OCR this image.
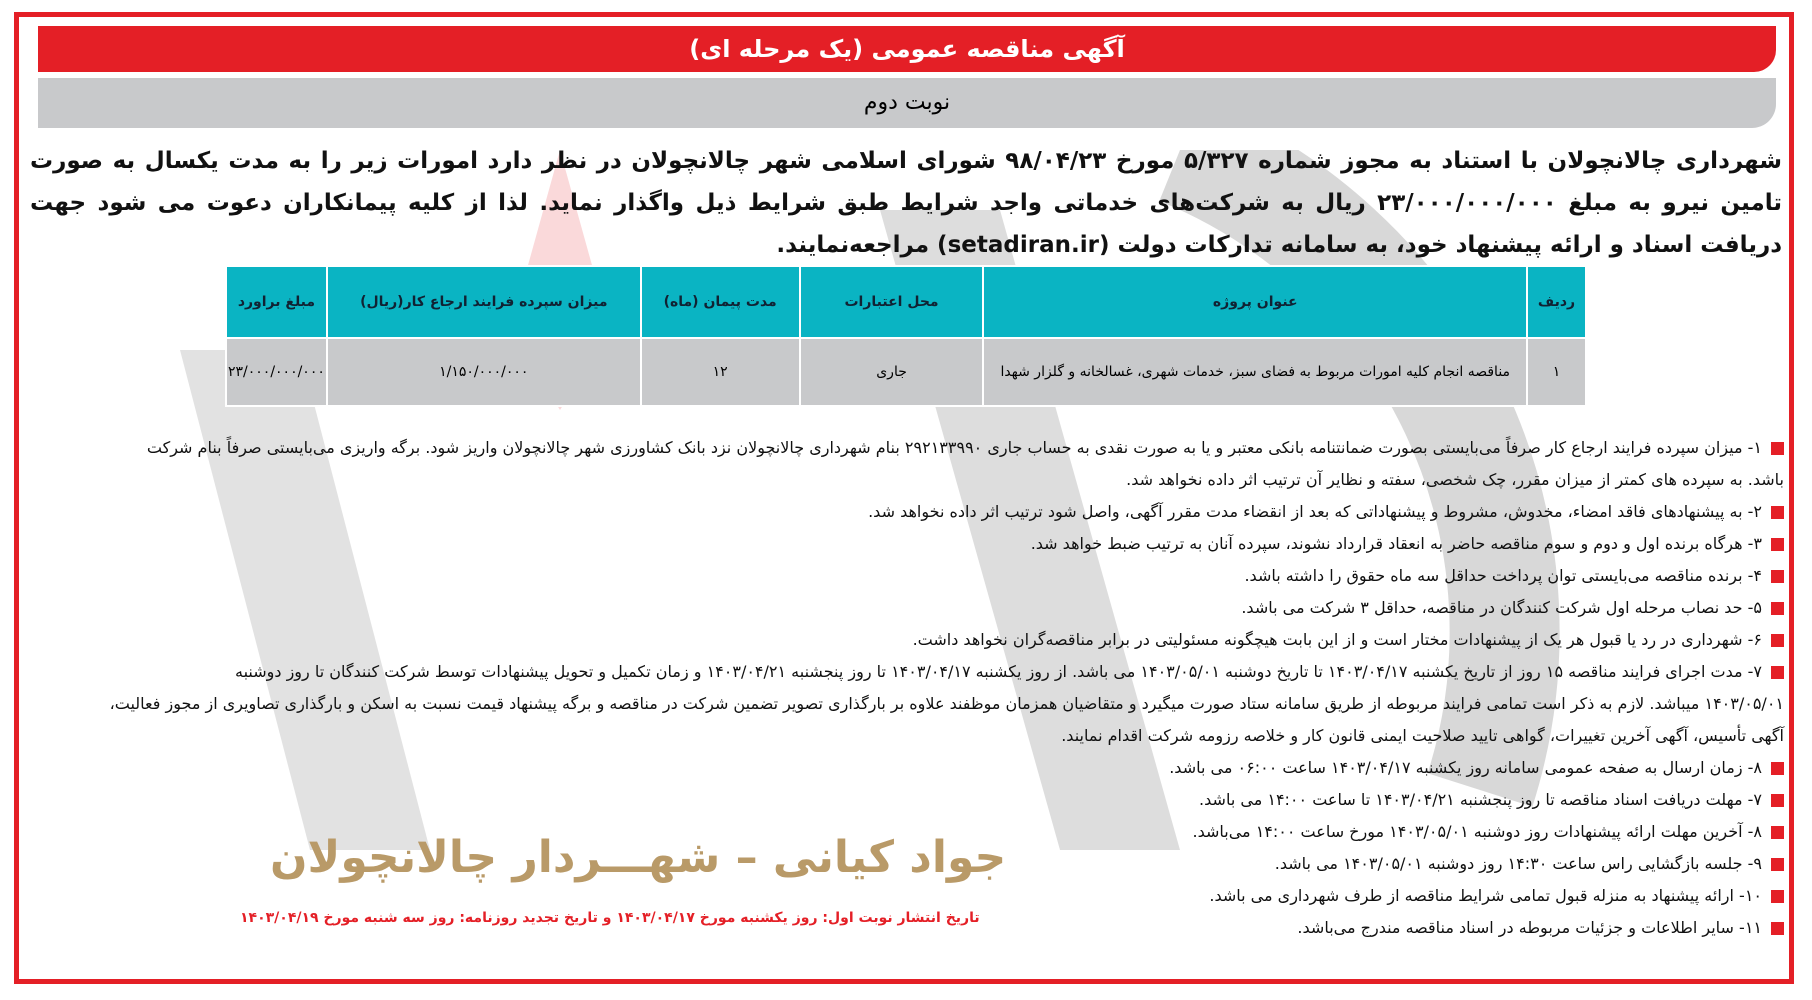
آگهی مناقصه عمومی (یک مرحله ای)
نوبت دوم
شهرداری چالانچولان با استناد به مجوز شماره ۵/۳۲۷ مورخ ۹۸/۰۴/۲۳ شورای اسلامی شهر چالانچولان در نظر دارد امورات زیر را به مدت یکسال به صورت تامین نیرو به مبلغ ۲۳/۰۰۰/۰۰۰/۰۰۰ ریال به شرکت‌های خدماتی واجد شرایط طبق شرایط ذیل واگذار نماید. لذا از کلیه پیمانکاران دعوت می شود جهت دریافت اسناد و ارائه پیشنهاد خود، به سامانه تدارکات دولت (setadiran.ir) مراجعه‌نمایند.
ردیف	عنوان پروژه	محل اعتبارات	مدت پیمان (ماه)	میزان سپرده فرایند ارجاع کار(ریال)	مبلغ براورد
۱	مناقصه انجام کلیه امورات مربوط به فضای سبز، خدمات شهری، غسالخانه و گلزار شهدا	جاری	۱۲	۱/۱۵۰/۰۰۰/۰۰۰	۲۳/۰۰۰/۰۰۰/۰۰۰
۱- میزان سپرده فرایند ارجاع کار صرفاً می‌بایستی بصورت ضمانتنامه بانکی معتبر و یا به صورت نقدی به حساب جاری ۲۹۲۱۳۳۹۹۰ بنام شهرداری چالانچولان نزد بانک کشاورزی شهر چالانچولان واریز شود. برگه واریزی می‌بایستی صرفاً بنام شرکت
باشد. به سپرده های کمتر از میزان مقرر، چک شخصی، سفته و نظایر آن ترتیب اثر داده نخواهد شد.
۲- به پیشنهادهای فاقد امضاء، مخدوش، مشروط و پیشنهاداتی که بعد از انقضاء مدت مقرر آگهی، واصل شود ترتیب اثر داده نخواهد شد.
۳- هرگاه برنده اول و دوم و سوم مناقصه حاضر به انعقاد قرارداد نشوند، سپرده آنان به ترتیب ضبط خواهد شد.
۴- برنده مناقصه می‌بایستی توان پرداخت حداقل سه ماه حقوق را داشته باشد.
۵- حد نصاب مرحله اول شرکت کنندگان در مناقصه، حداقل ۳ شرکت می باشد.
۶- شهرداری در رد یا قبول هر یک از پیشنهادات مختار است و از این بابت هیچگونه مسئولیتی در برابر مناقصه‌گران نخواهد داشت.
۷- مدت اجرای فرایند مناقصه ۱۵ روز از تاریخ یکشنبه ۱۴۰۳/۰۴/۱۷ تا تاریخ دوشنبه ۱۴۰۳/۰۵/۰۱ می باشد. از روز یکشنبه ۱۴۰۳/۰۴/۱۷ تا روز پنجشنبه ۱۴۰۳/۰۴/۲۱ و زمان تکمیل و تحویل پیشنهادات توسط شرکت کنندگان تا روز دوشنبه
۱۴۰۳/۰۵/۰۱ میباشد. لازم به ذکر است تمامی فرایند مربوطه از طریق سامانه ستاد صورت میگیرد و متقاضیان همزمان موظفند علاوه بر بارگذاری تصویر تضمین شرکت در مناقصه و برگه پیشنهاد قیمت نسبت به اسکن و بارگذاری تصاویری از مجوز فعالیت،
آگهی تأسیس، آگهی آخرین تغییرات، گواهی تایید صلاحیت ایمنی قانون کار و خلاصه رزومه شرکت اقدام نمایند.
۸- زمان ارسال به صفحه عمومی سامانه روز یکشنبه ۱۴۰۳/۰۴/۱۷ ساعت ۰۶:۰۰ می باشد.
۷- مهلت دریافت اسناد مناقصه تا روز پنجشنبه ۱۴۰۳/۰۴/۲۱ تا ساعت ۱۴:۰۰ می باشد.
۸- آخرین مهلت ارائه پیشنهادات روز دوشنبه ۱۴۰۳/۰۵/۰۱ مورخ ساعت ۱۴:۰۰ می‌باشد.
۹- جلسه بازگشایی راس ساعت ۱۴:۳۰ روز دوشنبه ۱۴۰۳/۰۵/۰۱ می باشد.
۱۰- ارائه پیشنهاد به منزله قبول تمامی شرایط مناقصه از طرف شهرداری می باشد.
۱۱- سایر اطلاعات و جزئیات مربوطه در اسناد مناقصه مندرج می‌باشد.
جواد کیانی – شهـــردار چالانچولان
تاریخ انتشار نوبت اول: روز یکشنبه مورخ ۱۴۰۳/۰۴/۱۷ و تاریخ تجدید روزنامه: روز سه شنبه مورخ ۱۴۰۳/۰۴/۱۹
